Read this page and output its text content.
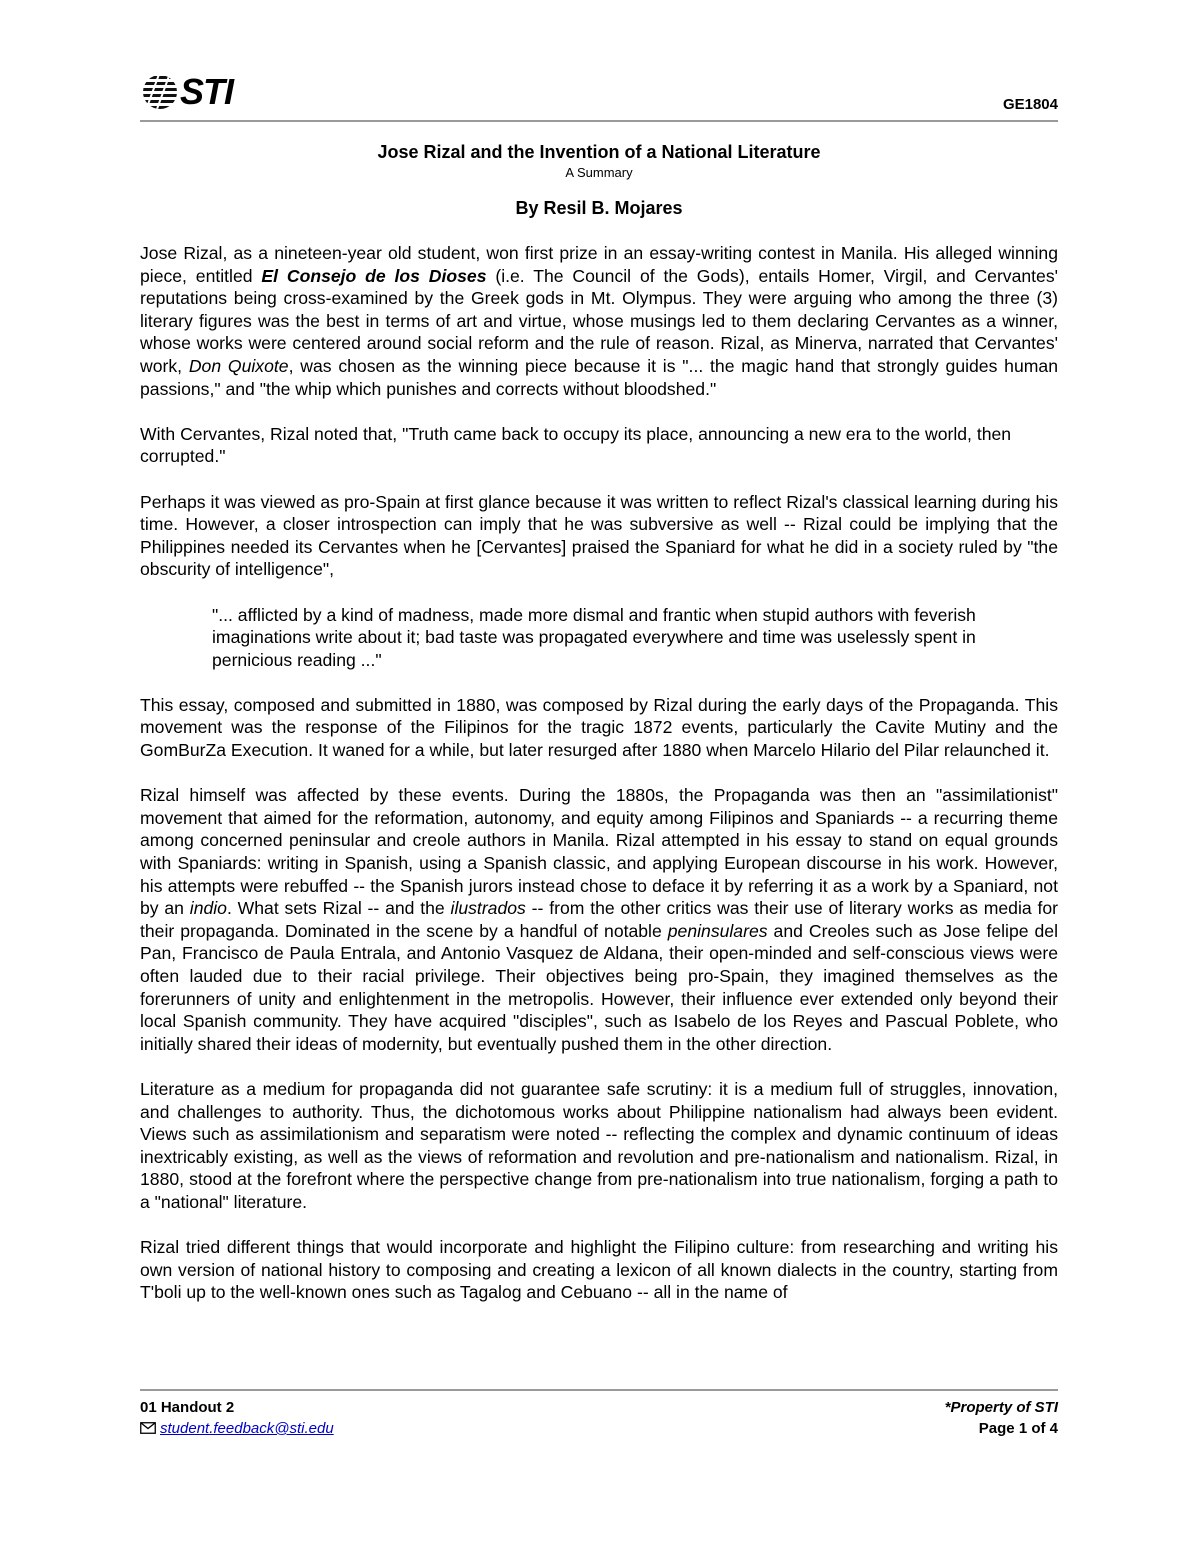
STI	GE1804
Jose Rizal and the Invention of a National Literature
A Summary
By Resil B. Mojares

Jose Rizal, as a nineteen-year old student, won first prize in an essay-writing contest in Manila. His alleged winning piece, entitled El Consejo de los Dioses (i.e. The Council of the Gods), entails Homer, Virgil, and Cervantes' reputations being cross-examined by the Greek gods in Mt. Olympus. They were arguing who among the three (3) literary figures was the best in terms of art and virtue, whose musings led to them declaring Cervantes as a winner, whose works were centered around social reform and the rule of reason. Rizal, as Minerva, narrated that Cervantes' work, Don Quixote, was chosen as the winning piece because it is "... the magic hand that strongly guides human passions," and "the whip which punishes and corrects without bloodshed."

With Cervantes, Rizal noted that, "Truth came back to occupy its place, announcing a new era to the world, then corrupted."

Perhaps it was viewed as pro-Spain at first glance because it was written to reflect Rizal's classical learning during his time. However, a closer introspection can imply that he was subversive as well -- Rizal could be implying that the Philippines needed its Cervantes when he [Cervantes] praised the Spaniard for what he did in a society ruled by "the obscurity of intelligence",

"... afflicted by a kind of madness, made more dismal and frantic when stupid authors with feverish imaginations write about it; bad taste was propagated everywhere and time was uselessly spent in pernicious reading ..."

This essay, composed and submitted in 1880, was composed by Rizal during the early days of the Propaganda. This movement was the response of the Filipinos for the tragic 1872 events, particularly the Cavite Mutiny and the GomBurZa Execution. It waned for a while, but later resurged after 1880 when Marcelo Hilario del Pilar relaunched it.

Rizal himself was affected by these events. During the 1880s, the Propaganda was then an "assimilationist" movement that aimed for the reformation, autonomy, and equity among Filipinos and Spaniards -- a recurring theme among concerned peninsular and creole authors in Manila. Rizal attempted in his essay to stand on equal grounds with Spaniards: writing in Spanish, using a Spanish classic, and applying European discourse in his work. However, his attempts were rebuffed -- the Spanish jurors instead chose to deface it by referring it as a work by a Spaniard, not by an indio. What sets Rizal -- and the ilustrados -- from the other critics was their use of literary works as media for their propaganda. Dominated in the scene by a handful of notable peninsulares and Creoles such as Jose felipe del Pan, Francisco de Paula Entrala, and Antonio Vasquez de Aldana, their open-minded and self-conscious views were often lauded due to their racial privilege. Their objectives being pro-Spain, they imagined themselves as the forerunners of unity and enlightenment in the metropolis. However, their influence ever extended only beyond their local Spanish community. They have acquired "disciples", such as Isabelo de los Reyes and Pascual Poblete, who initially shared their ideas of modernity, but eventually pushed them in the other direction.

Literature as a medium for propaganda did not guarantee safe scrutiny: it is a medium full of struggles, innovation, and challenges to authority. Thus, the dichotomous works about Philippine nationalism had always been evident. Views such as assimilationism and separatism were noted -- reflecting the complex and dynamic continuum of ideas inextricably existing, as well as the views of reformation and revolution and pre-nationalism and nationalism. Rizal, in 1880, stood at the forefront where the perspective change from pre-nationalism into true nationalism, forging a path to a "national" literature.

Rizal tried different things that would incorporate and highlight the Filipino culture: from researching and writing his own version of national history to composing and creating a lexicon of all known dialects in the country, starting from T'boli up to the well-known ones such as Tagalog and Cebuano -- all in the name of

01 Handout 2
student.feedback@sti.edu
*Property of STI
Page 1 of 4
